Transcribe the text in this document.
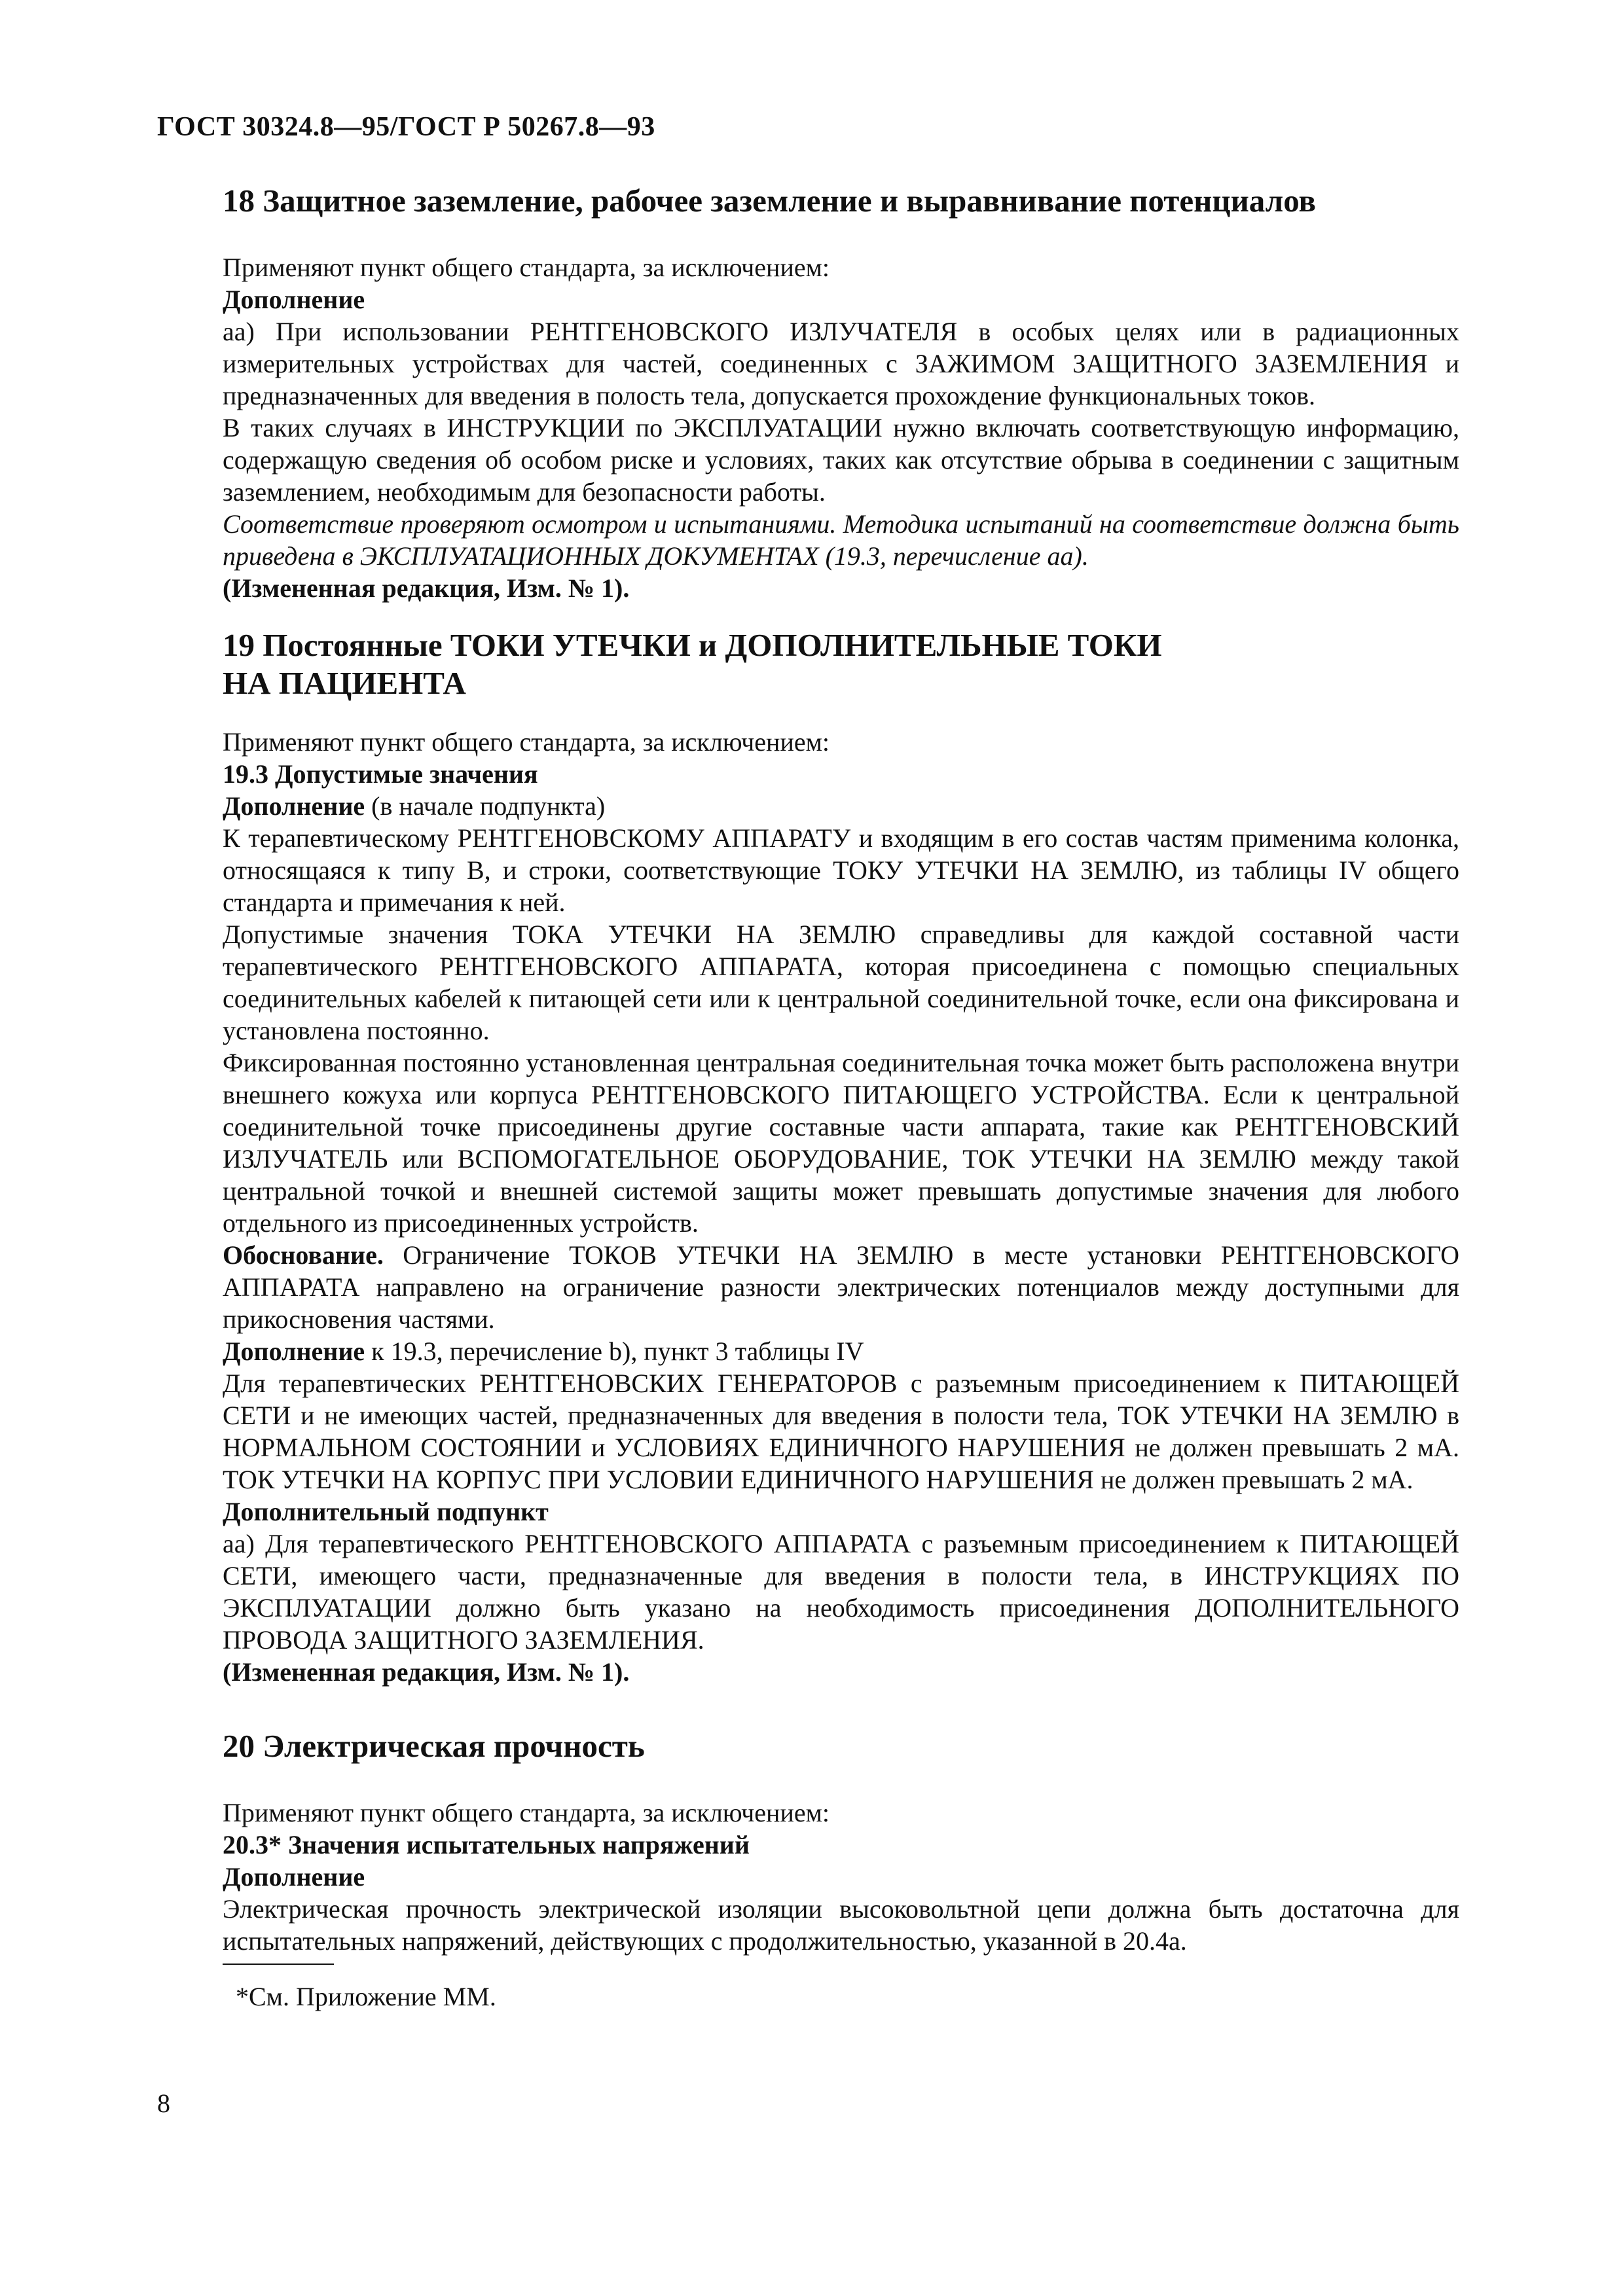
ГОСТ 30324.8—95/ГОСТ Р 50267.8—93
18 Защитное заземление, рабочее заземление и выравнивание потенциалов

Применяют пункт общего стандарта, за исключением:

Дополнение

аа) При использовании РЕНТГЕНОВСКОГО ИЗЛУЧАТЕЛЯ в особых целях или в радиационных измерительных устройствах для частей, соединенных с ЗАЖИМОМ ЗАЩИТНОГО ЗАЗЕМЛЕНИЯ и предназначенных для введения в полость тела, допускается прохождение функциональных токов.

В таких случаях в ИНСТРУКЦИИ по ЭКСПЛУАТАЦИИ нужно включать соответствующую информацию, содержащую сведения об особом риске и условиях, таких как отсутствие обрыва в соединении с защитным заземлением, необходимым для безопасности работы.

Соответствие проверяют осмотром и испытаниями. Методика испытаний на соответствие должна быть приведена в ЭКСПЛУАТАЦИОННЫХ ДОКУМЕНТАХ (19.3, перечисление аа).

(Измененная редакция, Изм. № 1).

19 Постоянные ТОКИ УТЕЧКИ и ДОПОЛНИТЕЛЬНЫЕ ТОКИ
НА ПАЦИЕНТА

Применяют пункт общего стандарта, за исключением:

19.3 Допустимые значения

Дополнение (в начале подпункта)

К терапевтическому РЕНТГЕНОВСКОМУ АППАРАТУ и входящим в его состав частям применима колонка, относящаяся к типу В, и строки, соответствующие ТОКУ УТЕЧКИ НА ЗЕМЛЮ, из таблицы IV общего стандарта и примечания к ней.

Допустимые значения ТОКА УТЕЧКИ НА ЗЕМЛЮ справедливы для каждой составной части терапевтического РЕНТГЕНОВСКОГО АППАРАТА, которая присоединена с помощью специальных соединительных кабелей к питающей сети или к центральной соединительной точке, если она фиксирована и установлена постоянно.

Фиксированная постоянно установленная центральная соединительная точка может быть расположена внутри внешнего кожуха или корпуса РЕНТГЕНОВСКОГО ПИТАЮЩЕГО УСТРОЙСТВА. Если к центральной соединительной точке присоединены другие составные части аппарата, такие как РЕНТГЕНОВСКИЙ ИЗЛУЧАТЕЛЬ или ВСПОМОГАТЕЛЬНОЕ ОБОРУДОВАНИЕ, ТОК УТЕЧКИ НА ЗЕМЛЮ между такой центральной точкой и внешней системой защиты может превышать допустимые значения для любого отдельного из присоединенных устройств.

Обоснование. Ограничение ТОКОВ УТЕЧКИ НА ЗЕМЛЮ в месте установки РЕНТГЕНОВСКОГО АППАРАТА направлено на ограничение разности электрических потенциалов между доступными для прикосновения частями.

Дополнение к 19.3, перечисление b), пункт 3 таблицы IV

Для терапевтических РЕНТГЕНОВСКИХ ГЕНЕРАТОРОВ с разъемным присоединением к ПИТАЮЩЕЙ СЕТИ и не имеющих частей, предназначенных для введения в полости тела, ТОК УТЕЧКИ НА ЗЕМЛЮ в НОРМАЛЬНОМ СОСТОЯНИИ и УСЛОВИЯХ ЕДИНИЧНОГО НАРУШЕНИЯ не должен превышать 2 мА. ТОК УТЕЧКИ НА КОРПУС ПРИ УСЛОВИИ ЕДИНИЧНОГО НАРУШЕНИЯ не должен превышать 2 мА.

Дополнительный подпункт

аа) Для терапевтического РЕНТГЕНОВСКОГО АППАРАТА с разъемным присоединением к ПИТАЮЩЕЙ СЕТИ, имеющего части, предназначенные для введения в полости тела, в ИНСТРУКЦИЯХ ПО ЭКСПЛУАТАЦИИ должно быть указано на необходимость присоединения ДОПОЛНИТЕЛЬНОГО ПРОВОДА ЗАЩИТНОГО ЗАЗЕМЛЕНИЯ.

(Измененная редакция, Изм. № 1).

20 Электрическая прочность

Применяют пункт общего стандарта, за исключением:

20.3* Значения испытательных напряжений

Дополнение

Электрическая прочность электрической изоляции высоковольтной цепи должна быть достаточна для испытательных напряжений, действующих с продолжительностью, указанной в 20.4а.

*См. Приложение ММ.

8
